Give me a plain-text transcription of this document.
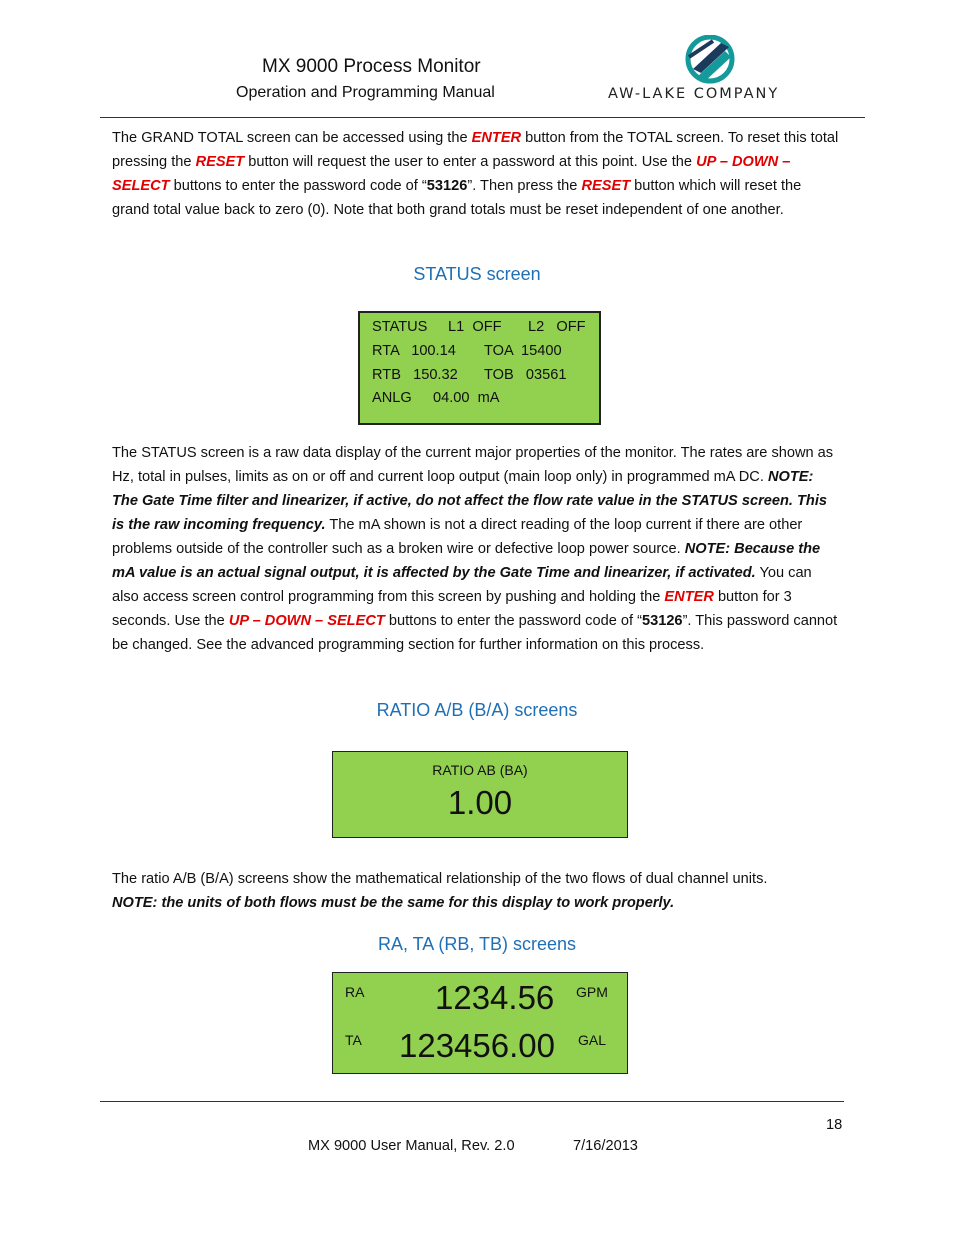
MX 9000 Process Monitor
Operation and Programming Manual	AW-LAKE COMPANY

The GRAND TOTAL screen can be accessed using the ENTER button from the TOTAL screen. To reset this total pressing the RESET button will request the user to enter a password at this point. Use the UP – DOWN – SELECT buttons to enter the password code of “53126”. Then press the RESET button which will reset the grand total value back to zero (0). Note that both grand totals must be reset independent of one another.

STATUS screen
STATUS L1  OFF L2   OFF
RTA   100.14 TOA  15400
RTB   150.32 TOB   03561
ANLG 04.00  mA

The STATUS screen is a raw data display of the current major properties of the monitor. The rates are shown as Hz, total in pulses, limits as on or off and current loop output (main loop only) in programmed mA DC. NOTE: The Gate Time filter and linearizer, if active, do not affect the flow rate value in the STATUS screen. This is the raw incoming frequency. The mA shown is not a direct reading of the loop current if there are other problems outside of the controller such as a broken wire or defective loop power source. NOTE: Because the mA value is an actual signal output, it is affected by the Gate Time and linearizer, if activated. You can also access screen control programming from this screen by pushing and holding the ENTER button for 3 seconds. Use the UP – DOWN – SELECT buttons to enter the password code of “53126”. This password cannot be changed. See the advanced programming section for further information on this process.

RATIO A/B (B/A) screens
RATIO AB (BA)
1.00

The ratio A/B (B/A) screens show the mathematical relationship of the two flows of dual channel units.
NOTE: the units of both flows must be the same for this display to work properly.

RA, TA (RB, TB) screens
RA 1234.56 GPM
TA 123456.00 GAL
18
MX 9000 User Manual, Rev. 2.0	7/16/2013
